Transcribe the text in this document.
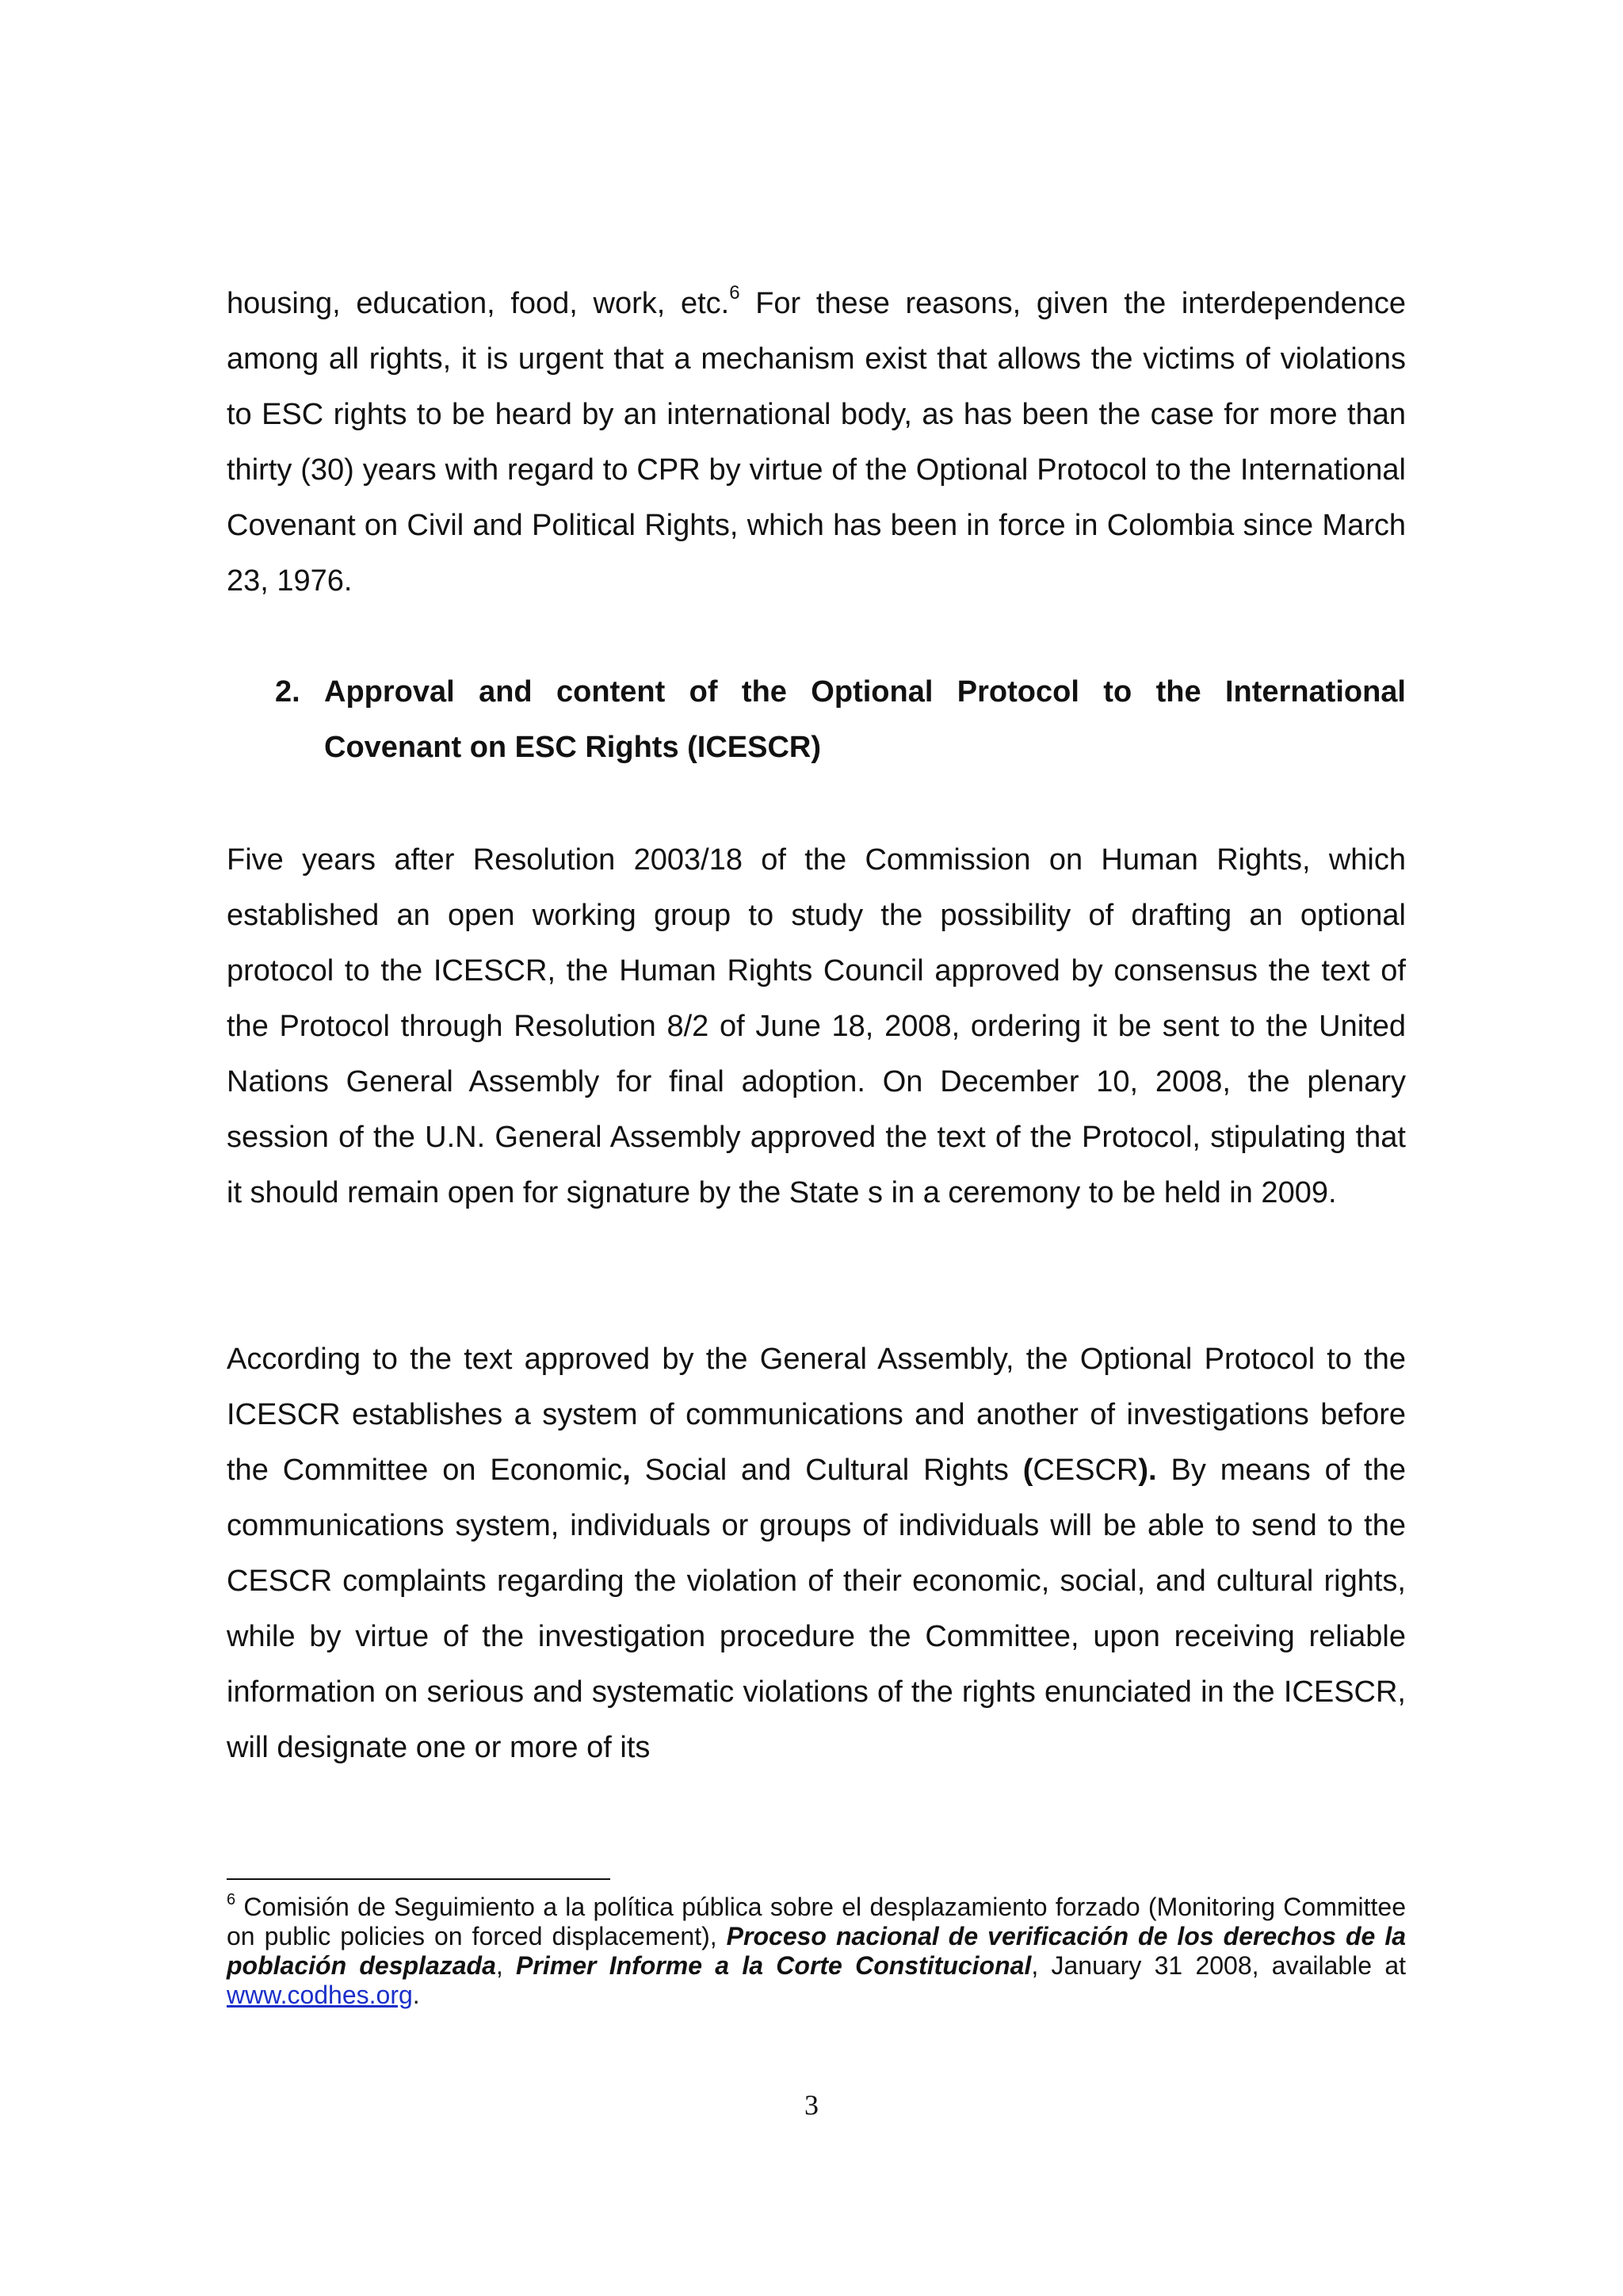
housing, education, food, work, etc.$^6$ For these reasons, given the interdependence among all rights, it is urgent that a mechanism exist that allows the victims of violations to ESC rights to be heard by an international body, as has been the case for more than thirty (30) years with regard to CPR by virtue of the Optional Protocol to the International Covenant on Civil and Political Rights, which has been in force in Colombia since March 23, 1976.

2. Approval and content of the Optional Protocol to the International Covenant on ESC Rights (ICESCR)

Five years after Resolution 2003/18 of the Commission on Human Rights, which established an open working group to study the possibility of drafting an optional protocol to the ICESCR, the Human Rights Council approved by consensus the text of the Protocol through Resolution 8/2 of June 18, 2008, ordering it be sent to the United Nations General Assembly for final adoption. On December 10, 2008, the plenary session of the U.N. General Assembly approved the text of the Protocol, stipulating that it should remain open for signature by the State s in a ceremony to be held in 2009.

According to the text approved by the General Assembly, the Optional Protocol to the ICESCR establishes a system of communications and another of investigations before the Committee on Economic, Social and Cultural Rights (CESCR). By means of the communications system, individuals or groups of individuals will be able to send to the CESCR complaints regarding the violation of their economic, social, and cultural rights, while by virtue of the investigation procedure the Committee, upon receiving reliable information on serious and systematic violations of the rights enunciated in the ICESCR, will designate one or more of its

$^6$ Comisión de Seguimiento a la política pública sobre el desplazamiento forzado (Monitoring Committee on public policies on forced displacement), Proceso nacional de verificación de los derechos de la población desplazada, Primer Informe a la Corte Constitucional, January 31 2008, available at www.codhes.org.
3
